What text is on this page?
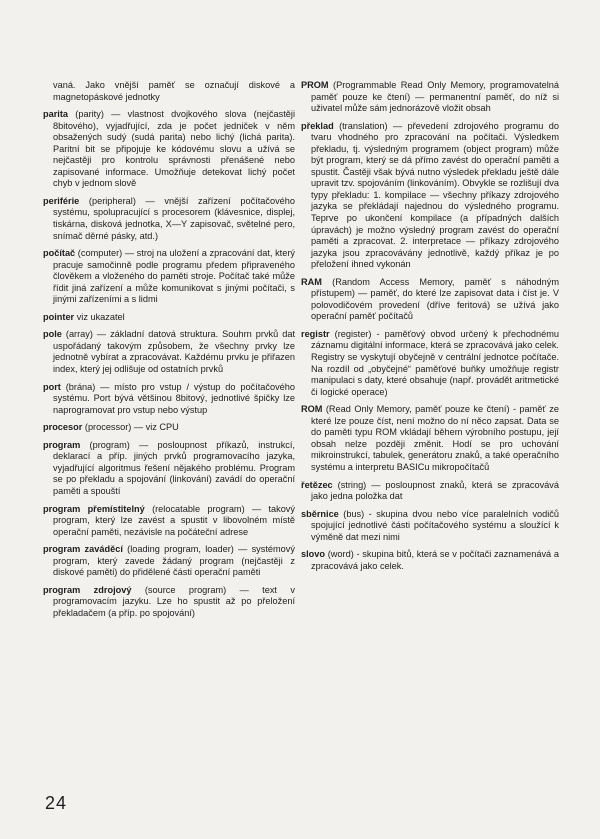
vaná. Jako vnější paměť se označují diskové a magnetopáskové jednotky

parita (parity) — vlastnost dvojkového slova (nejčastěji 8bitového), vyjadřující, zda je počet jedniček v něm obsažených sudý (sudá parita) nebo lichý (lichá parita). Paritní bit se připojuje ke kódovému slovu a užívá se nejčastěji pro kontrolu správnosti přenášené nebo zapisované informace. Umožňuje detekovat lichý počet chyb v jednom slově

periférie (peripheral) — vnější zařízení počítačového systému, spolupracující s procesorem (klávesnice, displej, tiskárna, disková jednotka, X—Y zapisovač, světelné pero, snímač děrné pásky, atd.)

počítač (computer) — stroj na uložení a zpracování dat, který pracuje samočinně podle programu předem připraveného člověkem a vloženého do paměti stroje. Počítač také může řídit jiná zařízení a může komunikovat s jinými počítači, s jinými zařízeními a s lidmi

pointer viz ukazatel

pole (array) — základní datová struktura. Souhrn prvků dat uspořádaný takovým způsobem, že všechny prvky lze jednotně vybírat a zpracovávat. Každému prvku je přiřazen index, který jej odlišuje od ostatních prvků

port (brána) — místo pro vstup / výstup do počítačového systému. Port bývá většinou 8bitový, jednotlivé špičky lze naprogramovat pro vstup nebo výstup

procesor (processor) — viz CPU

program (program) — posloupnost příkazů, instrukcí, deklarací a příp. jiných prvků programovacího jazyka, vyjadřující algoritmus řešení nějakého problému. Program se po překladu a spojování (linkování) zavádí do operační paměti a spouští

program přemístitelný (relocatable program) — takový program, který lze zavést a spustit v libovolném místě operační paměti, nezávisle na počáteční adrese

program zaváděcí (loading program, loader) — systémový program, který zavede žádaný program (nejčastěji z diskové paměti) do přidělené části operační paměti

program zdrojový (source program) — text v programovacím jazyku. Lze ho spustit až po přeložení překladačem (a příp. po spojování)

PROM (Programmable Read Only Memory, programovatelná paměť pouze ke čtení) — permanentní paměť, do níž si uživatel může sám jednorázově vložit obsah

překlad (translation) — převedení zdrojového programu do tvaru vhodného pro zpracování na počítači. Výsledkem překladu, tj. výsledným programem (object program) může být program, který se dá přímo zavést do operační paměti a spustit. Častěji však bývá nutno výsledek překladu ještě dále upravit tzv. spojováním (linkováním). Obvykle se rozlišují dva typy překladu: 1. kompilace — všechny příkazy zdrojového jazyka se překládají najednou do výsledného programu. Teprve po ukončení kompilace (a případných dalších úpravách) je možno výsledný program zavést do operační paměti a zpracovat. 2. interpretace — příkazy zdrojového jazyka jsou zpracovávány jednotlivě, každý příkaz je po přeložení ihned vykonán

RAM (Random Access Memory, paměť s náhodným přístupem) — paměť, do které lze zapisovat data i číst je. V polovodičovém provedení (dříve feritová) se užívá jako operační paměť počítačů

registr (register) - paměťový obvod určený k přechodnému záznamu digitální informace, která se zpracovává jako celek. Registry se vyskytují obyčejně v centrální jednotce počítače. Na rozdíl od „obyčejné“ paměťové buňky umožňuje registr manipulaci s daty, které obsahuje (např. provádět aritmetické či logické operace)

ROM (Read Only Memory, paměť pouze ke čtení) - paměť ze které lze pouze číst, není možno do ní něco zapsat. Data se do paměti typu ROM vkládají během výrobního postupu, její obsah nelze později změnit. Hodí se pro uchování mikroinstrukcí, tabulek, generátoru znaků, a také operačního systému a interpretu BASICu mikropočítačů

řetězec (string) — posloupnost znaků, která se zpracovává jako jedna položka dat

sběrnice (bus) - skupina dvou nebo více paralelních vodičů spojující jednotlivé části počítačového systému a sloužící k výměně dat mezi nimi

slovo (word) - skupina bitů, která se v počítači zaznamenává a zpracovává jako celek.

24
